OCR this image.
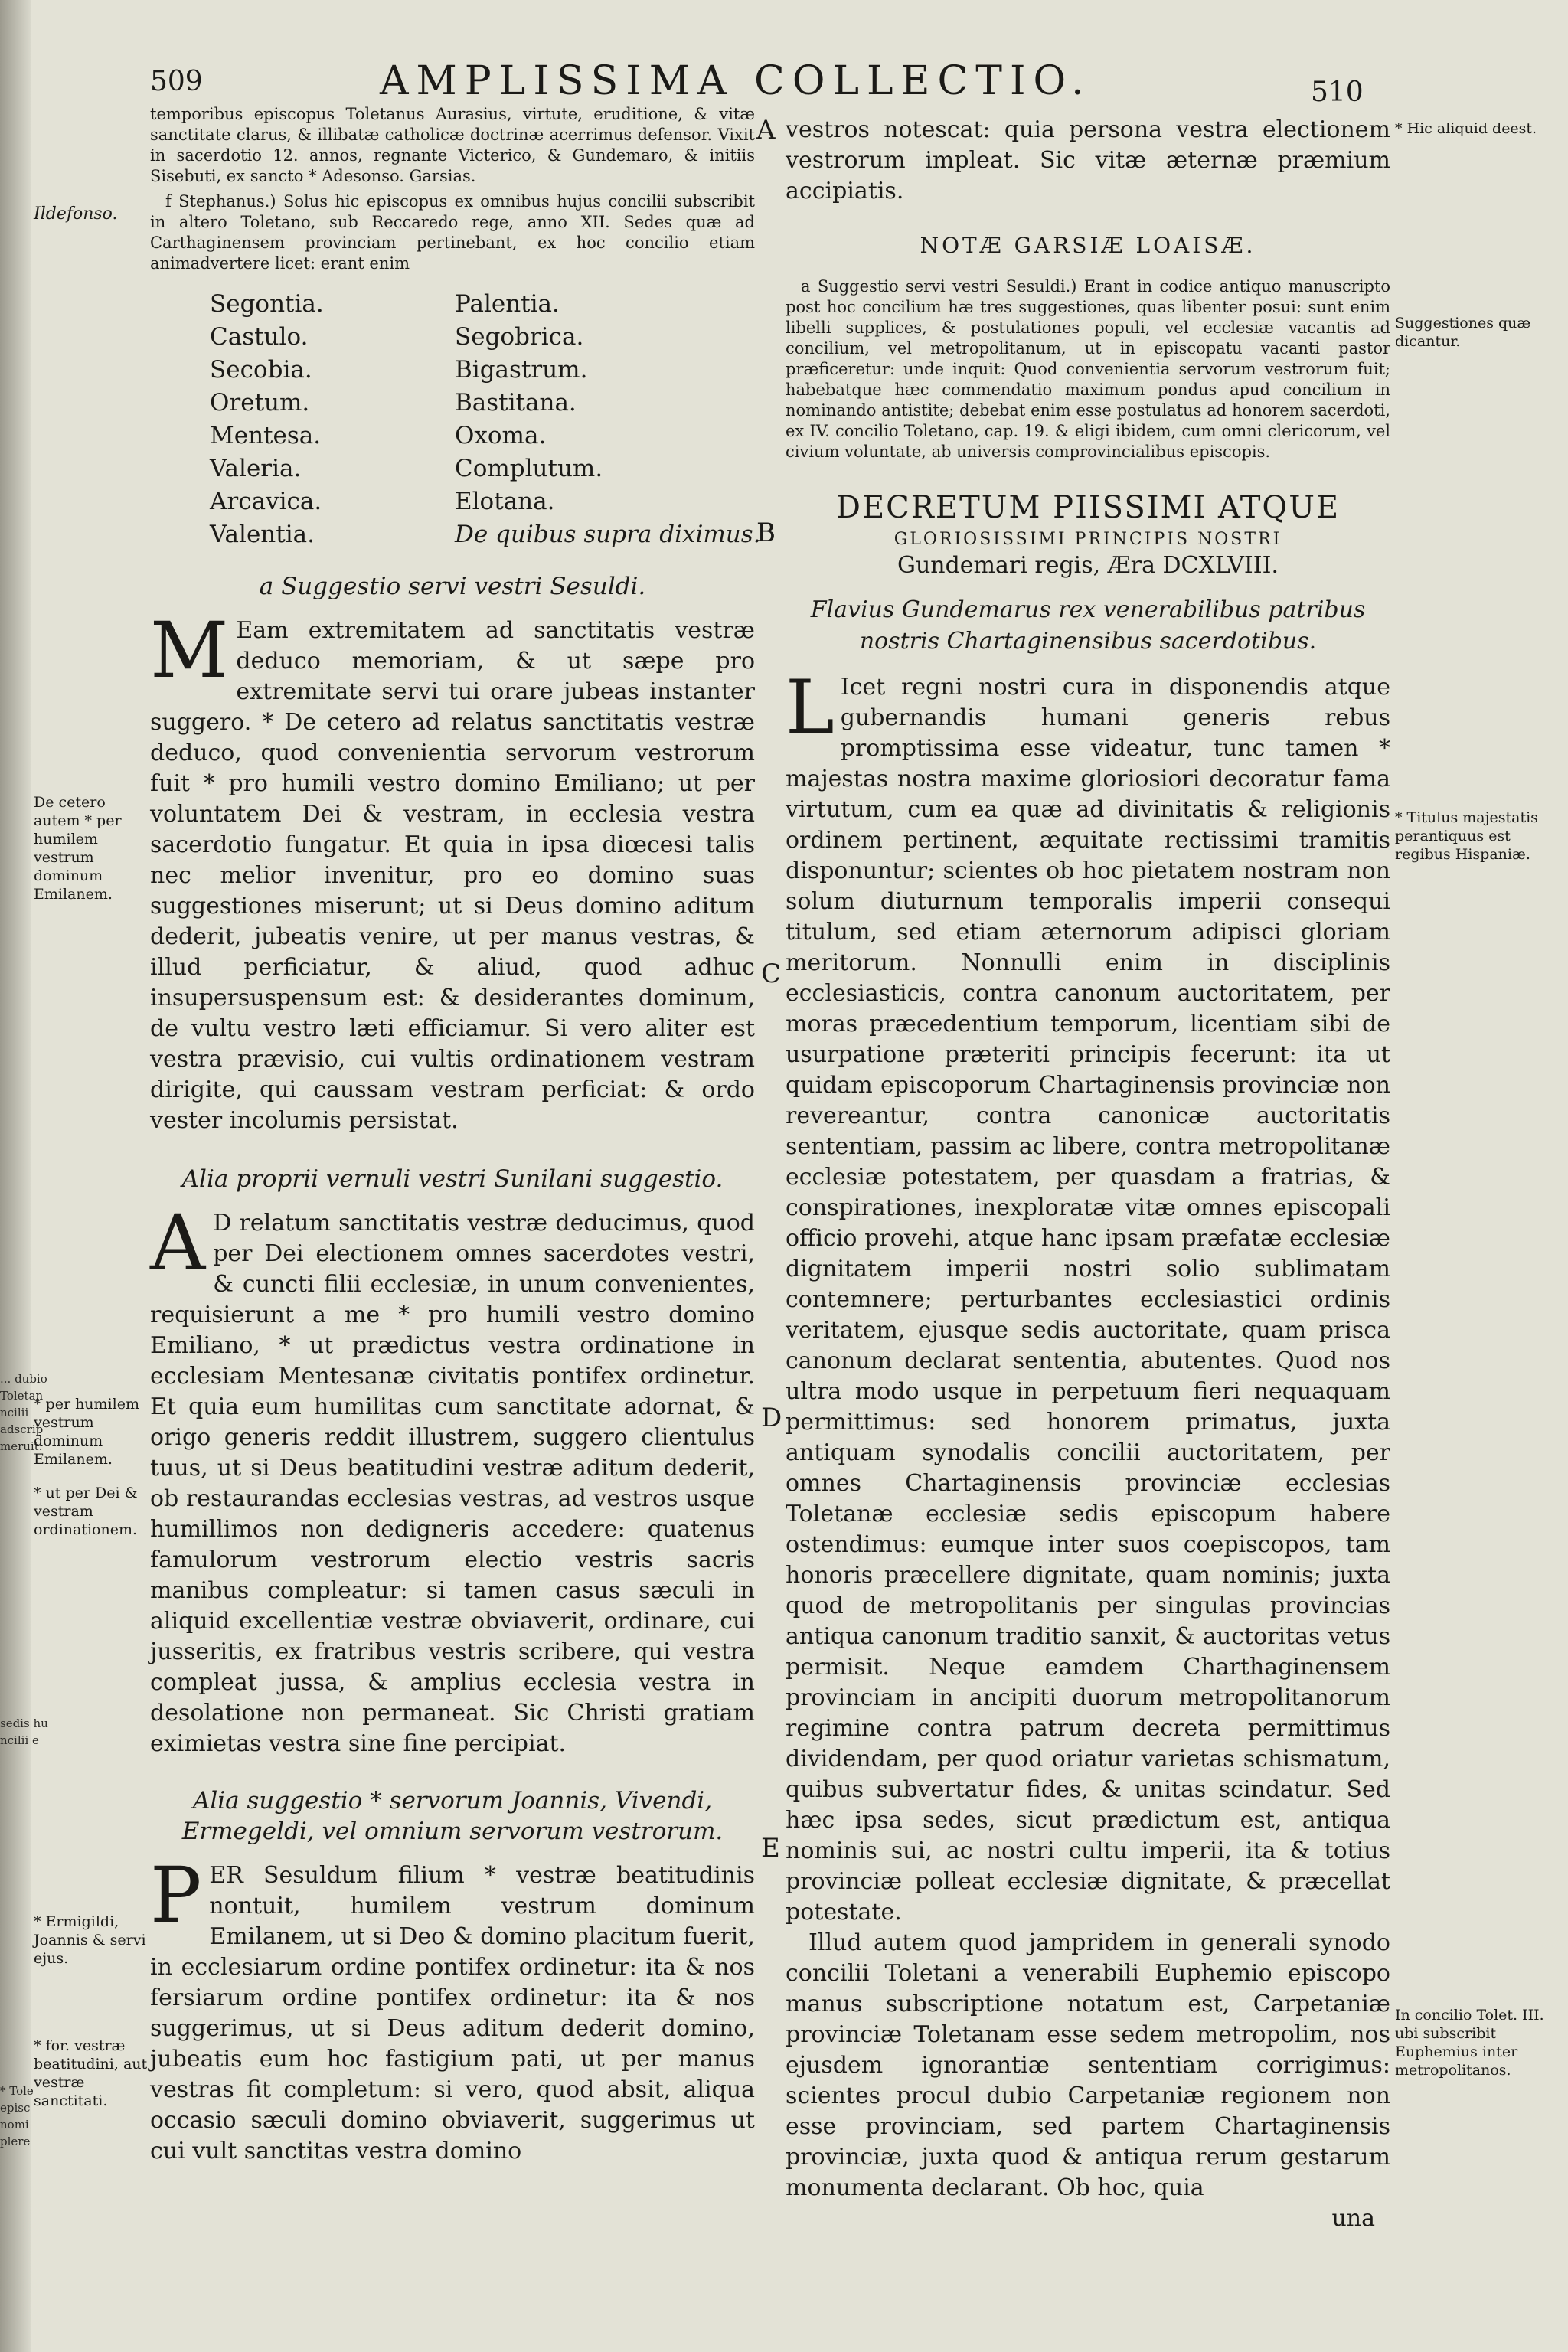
... dubio
Toletan
ncilii
adscrip
meruit.
sedis hu
ncilii e
* Tole
episc
nomi
plere
509	AMPLISSIMA COLLECTIO.	510

temporibus episcopus Toletanus Aurasius, virtute, eruditione, & vitæ sanctitate clarus, & illibatæ catholicæ doctrinæ acerrimus defensor. Vixit in sacerdotio 12. annos, regnante Victerico, & Gundemaro, & initiis Sisebuti, ex sancto * Adesonso. Garsias.

f Stephanus.) Solus hic episcopus ex omnibus hujus concilii subscribit in altero Toletano, sub Reccaredo rege, anno XII. Sedes quæ ad Carthaginensem provinciam pertinebant, ex hoc concilio etiam animadvertere licet: erant enim

Segontia.
Castulo.
Secobia.
Oretum.
Mentesa.
Valeria.
Arcavica.
Valentia.
Palentia.
Segobrica.
Bigastrum.
Bastitana.
Oxoma.
Complutum.
Elotana.
De quibus supra diximus.

a Suggestio servi vestri Sesuldi.

M Eam extremitatem ad sanctitatis vestræ deduco memoriam, & ut sæpe pro extremitate servi tui orare jubeas instanter suggero. * De cetero ad relatus sanctitatis vestræ deduco, quod convenientia servorum vestrorum fuit * pro humili vestro domino Emiliano; ut per voluntatem Dei & vestram, in ecclesia vestra sacerdotio fungatur. Et quia in ipsa diœcesi talis nec melior invenitur, pro eo domino suas suggestiones miserunt; ut si Deus domino aditum dederit, jubeatis venire, ut per manus vestras, & illud perficiatur, & aliud, quod adhuc insupersuspensum est: & desiderantes dominum, de vultu vestro læti efficiamur. Si vero aliter est vestra prævisio, cui vultis ordinationem vestram dirigite, qui caussam vestram perficiat: & ordo vester incolumis persistat.

Alia proprii vernuli vestri Sunilani suggestio.

A D relatum sanctitatis vestræ deducimus, quod per Dei electionem omnes sacerdotes vestri, & cuncti filii ecclesiæ, in unum convenientes, requisierunt a me * pro humili vestro domino Emiliano, * ut prædictus vestra ordinatione in ecclesiam Mentesanæ civitatis pontifex ordinetur. Et quia eum humilitas cum sanctitate adornat, & origo generis reddit illustrem, suggero clientulus tuus, ut si Deus beatitudini vestræ aditum dederit, ob restaurandas ecclesias vestras, ad vestros usque humillimos non dedigneris accedere: quatenus famulorum vestrorum electio vestris sacris manibus compleatur: si tamen casus sæculi in aliquid excellentiæ vestræ obviaverit, ordinare, cui jusseritis, ex fratribus vestris scribere, qui vestra compleat jussa, & amplius ecclesia vestra in desolatione non permaneat. Sic Christi gratiam eximietas vestra sine fine percipiat.

Alia suggestio * servorum Joannis, Vivendi, Ermegeldi, vel omnium servorum vestrorum.

PER Sesuldum filium * vestræ beatitudinis nontuit, humilem vestrum dominum Emilanem, ut si Deo & domino placitum fuerit, in ecclesiarum ordine pontifex ordinetur: ita & nos fersiarum ordine pontifex ordinetur: ita & nos suggerimus, ut si Deus aditum dederit domino, jubeatis eum hoc fastigium pati, ut per manus vestras fit completum: si vero, quod absit, aliqua occasio sæculi domino obviaverit, suggerimus ut cui vult sanctitas vestra domino

vestros notescat: quia persona vestra electionem vestrorum impleat. Sic vitæ æternæ præmium accipiatis.

NOTÆ GARSIÆ LOAISÆ.

a Suggestio servi vestri Sesuldi.) Erant in codice antiquo manuscripto post hoc concilium hæ tres suggestiones, quas libenter posui: sunt enim libelli supplices, & postulationes populi, vel ecclesiæ vacantis ad concilium, vel metropolitanum, ut in episcopatu vacanti pastor præficeretur: unde inquit: Quod convenientia servorum vestrorum fuit; habebatque hæc commendatio maximum pondus apud concilium in nominando antistite; debebat enim esse postulatus ad honorem sacerdoti, ex IV. concilio Toletano, cap. 19. & eligi ibidem, cum omni clericorum, vel civium voluntate, ab universis comprovincialibus episcopis.

DECRETUM PIISSIMI ATQUE

GLORIOSISSIMI PRINCIPIS NOSTRI

Gundemari regis, Æra DCXLVIII.

Flavius Gundemarus rex venerabilibus patribus nostris Chartaginensibus sacerdotibus.

L Icet regni nostri cura in disponendis atque gubernandis humani generis rebus promptissima esse videatur, tunc tamen * majestas nostra maxime gloriosiori decoratur fama virtutum, cum ea quæ ad divinitatis & religionis ordinem pertinent, æquitate rectissimi tramitis disponuntur; scientes ob hoc pietatem nostram non solum diuturnum temporalis imperii consequi titulum, sed etiam æternorum adipisci gloriam meritorum. Nonnulli enim in disciplinis ecclesiasticis, contra canonum auctoritatem, per moras præcedentium temporum, licentiam sibi de usurpatione præteriti principis fecerunt: ita ut quidam episcoporum Chartaginensis provinciæ non revereantur, contra canonicæ auctoritatis sententiam, passim ac libere, contra metropolitanæ ecclesiæ potestatem, per quasdam a fratrias, & conspirationes, inexploratæ vitæ omnes episcopali officio provehi, atque hanc ipsam præfatæ ecclesiæ dignitatem imperii nostri solio sublimatam contemnere; perturbantes ecclesiastici ordinis veritatem, ejusque sedis auctoritate, quam prisca canonum declarat sententia, abutentes. Quod nos ultra modo usque in perpetuum fieri nequaquam permittimus: sed honorem primatus, juxta antiquam synodalis concilii auctoritatem, per omnes Chartaginensis provinciæ ecclesias Toletanæ ecclesiæ sedis episcopum habere ostendimus: eumque inter suos coepiscopos, tam honoris præcellere dignitate, quam nominis; juxta quod de metropolitanis per singulas provincias antiqua canonum traditio sanxit, & auctoritas vetus permisit. Neque eamdem Charthaginensem provinciam in ancipiti duorum metropolitanorum regimine contra patrum decreta permittimus dividendam, per quod oriatur varietas schismatum, quibus subvertatur fides, & unitas scindatur. Sed hæc ipsa sedes, sicut prædictum est, antiqua nominis sui, ac nostri cultu imperii, ita & totius provinciæ polleat ecclesiæ dignitate, & præcellat potestate.

Illud autem quod jampridem in generali synodo concilii Toletani a venerabili Euphemio episcopo manus subscriptione notatum est, Carpetaniæ provinciæ Toletanam esse sedem metropolim, nos ejusdem ignorantiæ sententiam corrigimus: scientes procul dubio Carpetaniæ regionem non esse provinciam, sed partem Chartaginensis provinciæ, juxta quod & antiqua rerum gestarum monumenta declarant. Ob hoc, quia

una

Ildefonso.
De cetero autem * per humilem vestrum dominum Emilanem.
* per humilem vestrum dominum Emilanem.
* ut per Dei & vestram ordinationem.
* Ermigildi, Joannis & servi ejus.
* for. vestræ beatitudini, aut vestræ sanctitati.
* Hic aliquid deest.
Suggestiones quæ dicantur.
* Titulus majestatis perantiquus est regibus Hispaniæ.
In concilio Tolet. III. ubi subscribit Euphemius inter metropolitanos.
A
B
C
D
E
